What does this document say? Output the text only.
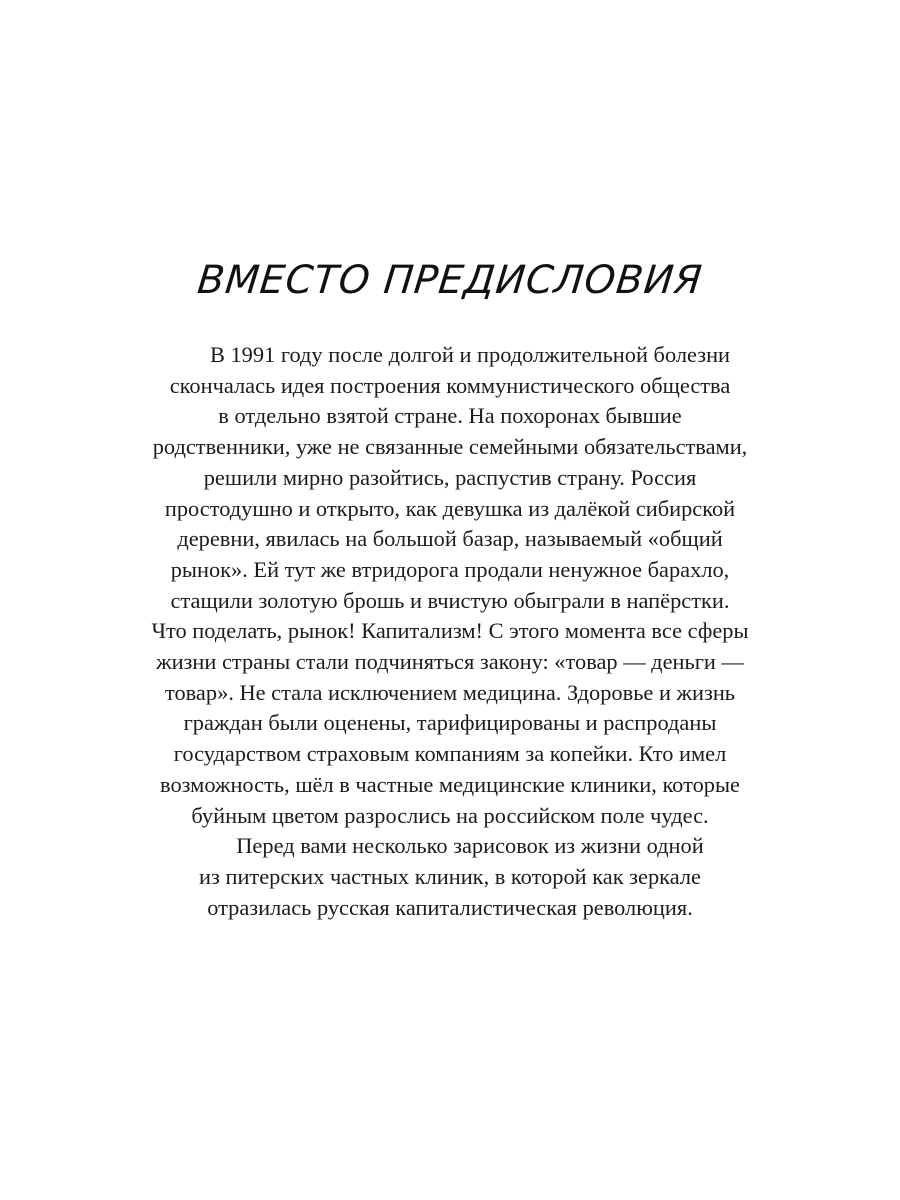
ВМЕСТО ПРЕДИСЛОВИЯ
В 1991 году после долгой и продолжительной болезни
скончалась идея построения коммунистического общества
в отдельно взятой стране. На похоронах бывшие
родственники, уже не связанные семейными обязательствами,
решили мирно разойтись, распустив страну. Россия
простодушно и открыто, как девушка из далёкой сибирской
деревни, явилась на большой базар, называемый «общий
рынок». Ей тут же втридорога продали ненужное барахло,
стащили золотую брошь и вчистую обыграли в напёрстки.
Что поделать, рынок! Капитализм! С этого момента все сферы
жизни страны стали подчиняться закону: «товар — деньги —
товар». Не стала исключением медицина. Здоровье и жизнь
граждан были оценены, тарифицированы и распроданы
государством страховым компаниям за копейки. Кто имел
возможность, шёл в частные медицинские клиники, которые
буйным цветом разрослись на российском поле чудес.
Перед вами несколько зарисовок из жизни одной
из питерских частных клиник, в которой как зеркале
отразилась русская капиталистическая революция.
